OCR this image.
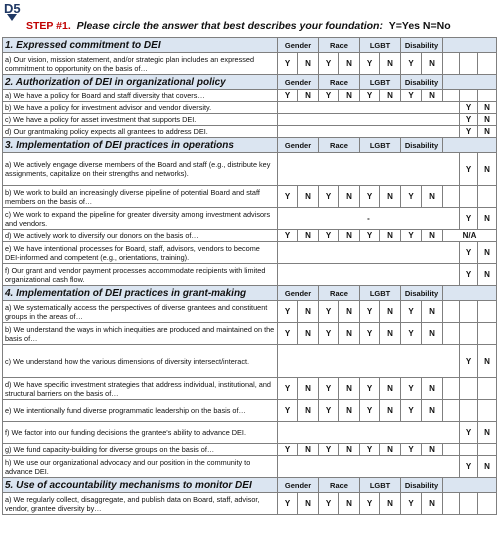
D5
STEP #1. Please circle the answer that best describes your foundation: Y=Yes N=No
1. Expressed commitment to DEI	Gender		Race		LGBT		Disability				
a) Our vision, mission statement, and/or strategic plan includes an expressed commitment to opportunity on the basis of…	Y	N	Y	N	Y	N	Y	N			
2. Authorization of DEI in organizational policy	Gender		Race		LGBT		Disability				
a) We have a policy for Board and staff diversity that covers…	Y	N	Y	N	Y	N	Y	N			
b) We have a policy for investment advisor and vendor diversity.										Y	N
c) We have a policy for asset investment that supports DEI.										Y	N
d) Our grantmaking policy expects all grantees to address DEI.										Y	N
3. Implementation of DEI practices in operations	Gender		Race		LGBT		Disability				
a) We actively engage diverse members of the Board and staff (e.g., distribute key assignments, capitalize on their strengths and networks).										Y	N
b) We work to build an increasingly diverse pipeline of potential Board and staff members on the basis of…	Y	N	Y	N	Y	N	Y	N			
c) We work to expand the pipeline for greater diversity among investment advisors and vendors.	-									Y	N
d) We actively work to diversify our donors on the basis of…	Y	N	Y	N	Y	N	Y	N	N/A		
e) We have intentional processes for Board, staff, advisors, vendors to become DEI-informed and competent (e.g., orientations, training).										Y	N
f) Our grant and vendor payment processes accommodate recipients with limited organizational cash flow.										Y	N
4. Implementation of DEI practices in grant-making	Gender		Race		LGBT		Disability				
a) We systematically access the perspectives of diverse grantees and constituent groups in the areas of…	Y	N	Y	N	Y	N	Y	N			
b) We understand the ways in which inequities are produced and maintained on the basis of…	Y	N	Y	N	Y	N	Y	N			
c) We understand how the various dimensions of diversity intersect/interact.										Y	N
d) We have specific investment strategies that address individual, institutional, and structural barriers on the basis of…	Y	N	Y	N	Y	N	Y	N			
e) We intentionally fund diverse programmatic leadership on the basis of…	Y	N	Y	N	Y	N	Y	N			
f) We factor into our funding decisions the grantee's ability to advance DEI.										Y	N
g) We fund capacity-building for diverse groups on the basis of…	Y	N	Y	N	Y	N	Y	N			
h) We use our organizational advocacy and our position in the community to advance DEI.										Y	N
5. Use of accountability mechanisms to monitor DEI	Gender		Race		LGBT		Disability				
a) We regularly collect, disaggregate, and publish data on Board, staff, advisor, vendor, grantee diversity by…	Y	N	Y	N	Y	N	Y	N			
